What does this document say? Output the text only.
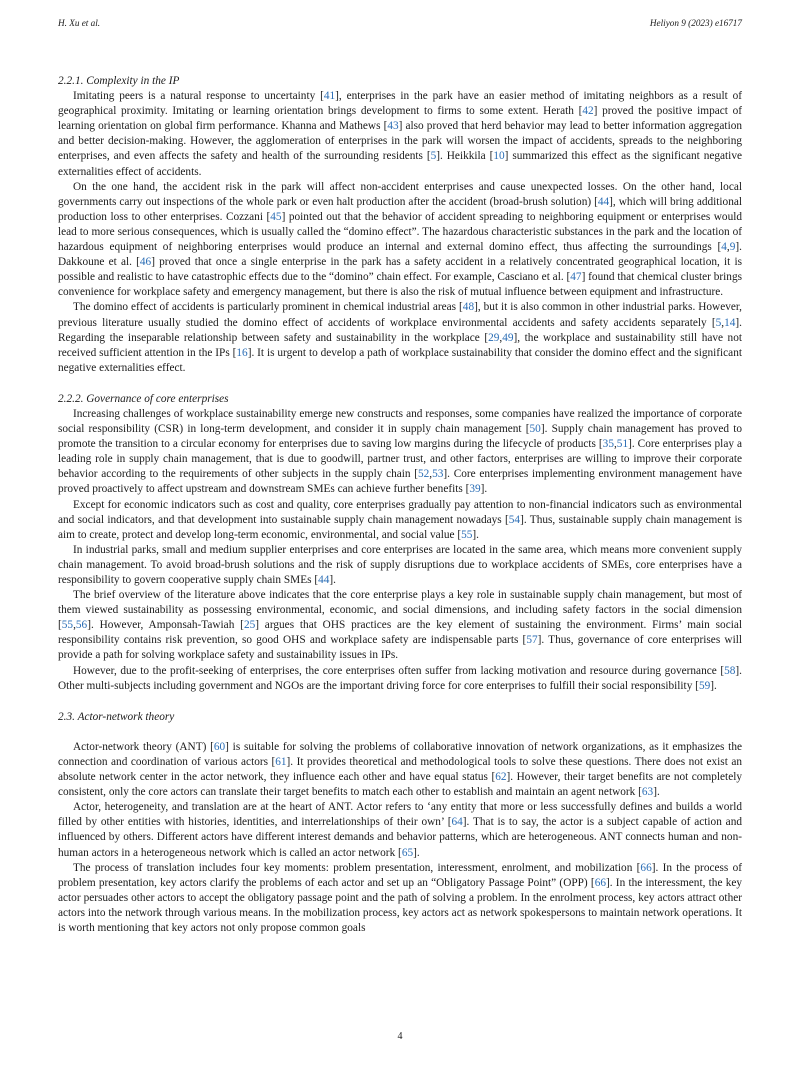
H. Xu et al.	Heliyon 9 (2023) e16717

2.2.1. Complexity in the IP

Imitating peers is a natural response to uncertainty [41], enterprises in the park have an easier method of imitating neighbors as a result of geographical proximity. Imitating or learning orientation brings development to firms to some extent. Herath [42] proved the positive impact of learning orientation on global firm performance. Khanna and Mathews [43] also proved that herd behavior may lead to better information aggregation and better decision-making. However, the agglomeration of enterprises in the park will worsen the impact of accidents, spreads to the neighboring enterprises, and even affects the safety and health of the surrounding residents [5]. Heikkila [10] summarized this effect as the significant negative externalities effect of accidents.

On the one hand, the accident risk in the park will affect non-accident enterprises and cause unexpected losses. On the other hand, local governments carry out inspections of the whole park or even halt production after the accident (broad-brush solution) [44], which will bring additional production loss to other enterprises. Cozzani [45] pointed out that the behavior of accident spreading to neighboring equipment or enterprises would lead to more serious consequences, which is usually called the “domino effect”. The hazardous characteristic substances in the park and the location of hazardous equipment of neighboring enterprises would produce an internal and external domino effect, thus affecting the surroundings [4,9]. Dakkoune et al. [46] proved that once a single enterprise in the park has a safety accident in a relatively concentrated geographical location, it is possible and realistic to have catastrophic effects due to the “domino” chain effect. For example, Casciano et al. [47] found that chemical cluster brings convenience for workplace safety and emergency management, but there is also the risk of mutual influence between equipment and infrastructure.

The domino effect of accidents is particularly prominent in chemical industrial areas [48], but it is also common in other industrial parks. However, previous literature usually studied the domino effect of accidents of workplace environmental accidents and safety accidents separately [5,14]. Regarding the inseparable relationship between safety and sustainability in the workplace [29,49], the workplace and sustainability still have not received sufficient attention in the IPs [16]. It is urgent to develop a path of workplace sustainability that consider the domino effect and the significant negative externalities effect.

2.2.2. Governance of core enterprises

Increasing challenges of workplace sustainability emerge new constructs and responses, some companies have realized the importance of corporate social responsibility (CSR) in long-term development, and consider it in supply chain management [50]. Supply chain management has proved to promote the transition to a circular economy for enterprises due to saving low margins during the lifecycle of products [35,51]. Core enterprises play a leading role in supply chain management, that is due to goodwill, partner trust, and other factors, enterprises are willing to improve their corporate behavior according to the requirements of other subjects in the supply chain [52,53]. Core enterprises implementing environment management have proved proactively to affect upstream and downstream SMEs can achieve further benefits [39].

Except for economic indicators such as cost and quality, core enterprises gradually pay attention to non-financial indicators such as environmental and social indicators, and that development into sustainable supply chain management nowadays [54]. Thus, sustainable supply chain management is aim to create, protect and develop long-term economic, environmental, and social value [55].

In industrial parks, small and medium supplier enterprises and core enterprises are located in the same area, which means more convenient supply chain management. To avoid broad-brush solutions and the risk of supply disruptions due to workplace accidents of SMEs, core enterprises have a responsibility to govern cooperative supply chain SMEs [44].

The brief overview of the literature above indicates that the core enterprise plays a key role in sustainable supply chain management, but most of them viewed sustainability as possessing environmental, economic, and social dimensions, and including safety factors in the social dimension [55,56]. However, Amponsah-Tawiah [25] argues that OHS practices are the key element of sustaining the environment. Firms’ main social responsibility contains risk prevention, so good OHS and workplace safety are indispensable parts [57]. Thus, governance of core enterprises will provide a path for solving workplace safety and sustainability issues in IPs.

However, due to the profit-seeking of enterprises, the core enterprises often suffer from lacking motivation and resource during governance [58]. Other multi-subjects including government and NGOs are the important driving force for core enterprises to fulfill their social responsibility [59].

2.3. Actor-network theory

Actor-network theory (ANT) [60] is suitable for solving the problems of collaborative innovation of network organizations, as it emphasizes the connection and coordination of various actors [61]. It provides theoretical and methodological tools to solve these questions. There does not exist an absolute network center in the actor network, they influence each other and have equal status [62]. However, their target benefits are not completely consistent, only the core actors can translate their target benefits to match each other to establish and maintain an agent network [63].

Actor, heterogeneity, and translation are at the heart of ANT. Actor refers to ‘any entity that more or less successfully defines and builds a world filled by other entities with histories, identities, and interrelationships of their own’ [64]. That is to say, the actor is a subject capable of action and influenced by others. Different actors have different interest demands and behavior patterns, which are heterogeneous. ANT connects human and non-human actors in a heterogeneous network which is called an actor network [65].

The process of translation includes four key moments: problem presentation, interessment, enrolment, and mobilization [66]. In the process of problem presentation, key actors clarify the problems of each actor and set up an “Obligatory Passage Point” (OPP) [66]. In the interessment, the key actor persuades other actors to accept the obligatory passage point and the path of solving a problem. In the enrolment process, key actors attract other actors into the network through various means. In the mobilization process, key actors act as network spokespersons to maintain network operations. It is worth mentioning that key actors not only propose common goals

4
